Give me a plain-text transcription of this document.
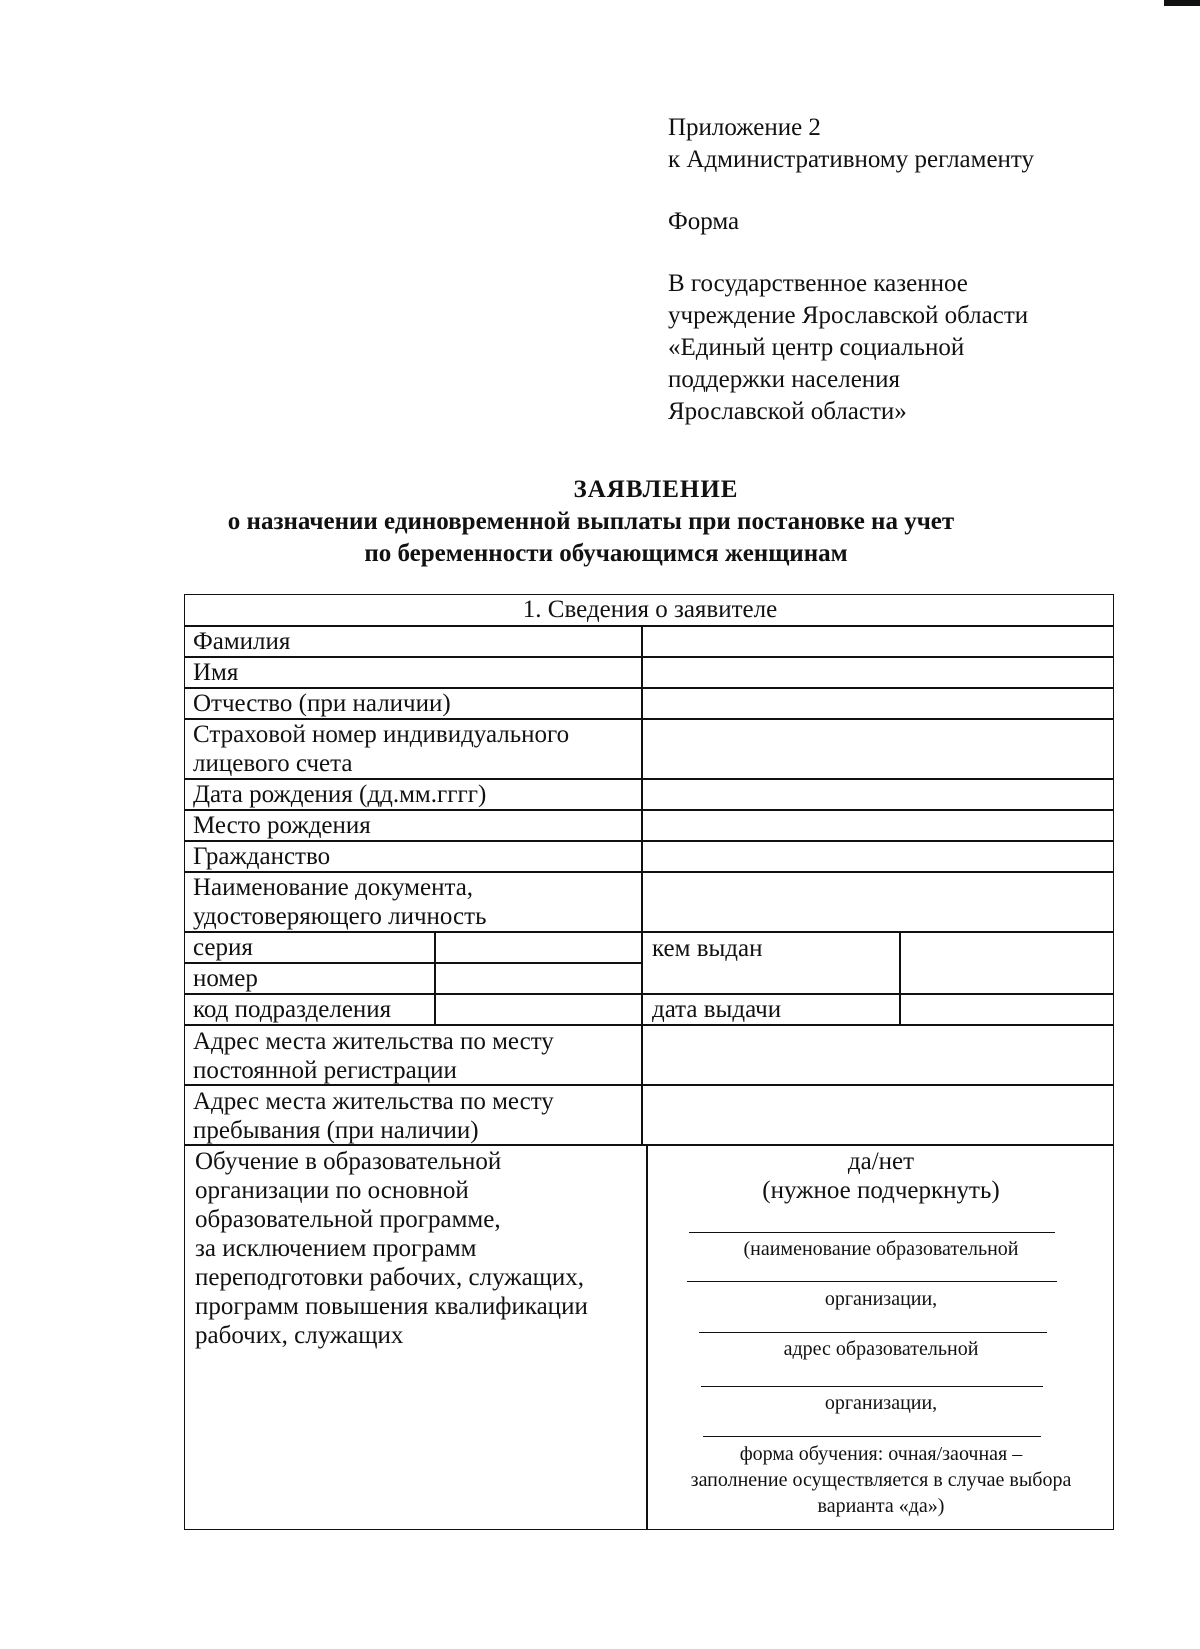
Приложение 2
к Административному регламенту
Форма
В государственное казенное
учреждение Ярославской области
«Единый центр социальной
поддержки населения
Ярославской области»
ЗАЯВЛЕНИЕ
о назначении единовременной выплаты при постановке на учет
по беременности обучающимся женщинам
1. Сведения о заявителе
Фамилия
Имя
Отчество (при наличии)
Страховой номер индивидуального
лицевого счета
Дата рождения (дд.мм.гггг)
Место рождения
Гражданство
Наименование документа,
удостоверяющего личность
серия
номер
код подразделения
кем выдан
дата выдачи
Адрес места жительства по месту
постоянной регистрации
Адрес места жительства по месту
пребывания (при наличии)
Обучение в образовательной
организации по основной
образовательной программе,
за исключением программ
переподготовки рабочих, служащих,
программ повышения квалификации
рабочих, служащих
да/нет
(нужное подчеркнуть)
(наименование образовательной
организации,
адрес образовательной
организации,
форма обучения: очная/заочная –
заполнение осуществляется в случае выбора
варианта «да»)
